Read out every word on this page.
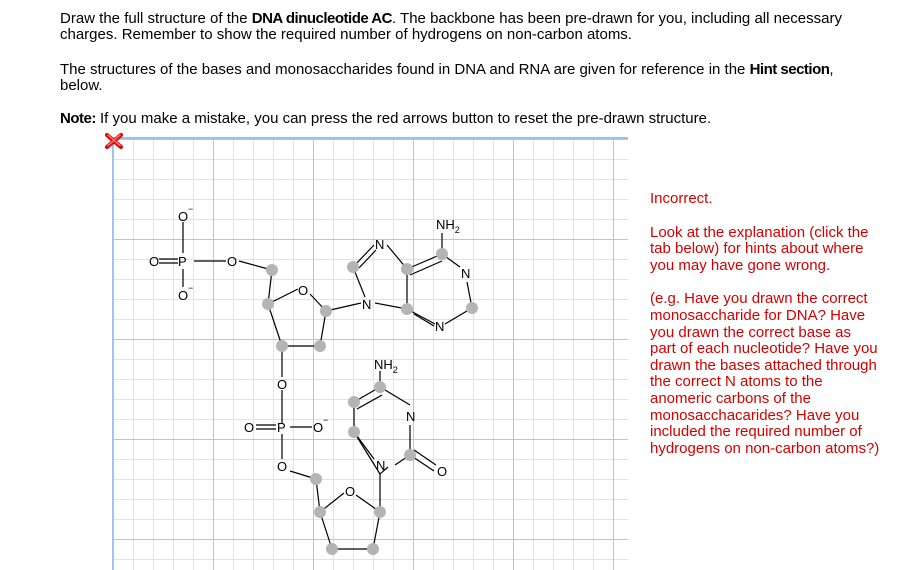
Draw the full structure of the DNA dinucleotide AC. The backbone has been pre-drawn for you, including all necessary charges. Remember to show the required number of hydrogens on non-carbon atoms.
The structures of the bases and monosaccharides found in DNA and RNA are given for reference in the Hint section, below.
Note: If you make a mistake, you can press the red arrows button to reset the pre-drawn structure.
O −
O P	O
O −	O
N
N
N
N
$NH_2$
O
O P O −
O
O
$NH_2$
N
N	O

Incorrect.

Look at the explanation (click the tab below) for hints about where you may have gone wrong.

(e.g. Have you drawn the correct monosaccharide for DNA? Have you drawn the correct base as part of each nucleotide? Have you drawn the bases attached through the correct N atoms to the anomeric carbons of the monosacchacarides? Have you included the required number of hydrogens on non-carbon atoms?)
